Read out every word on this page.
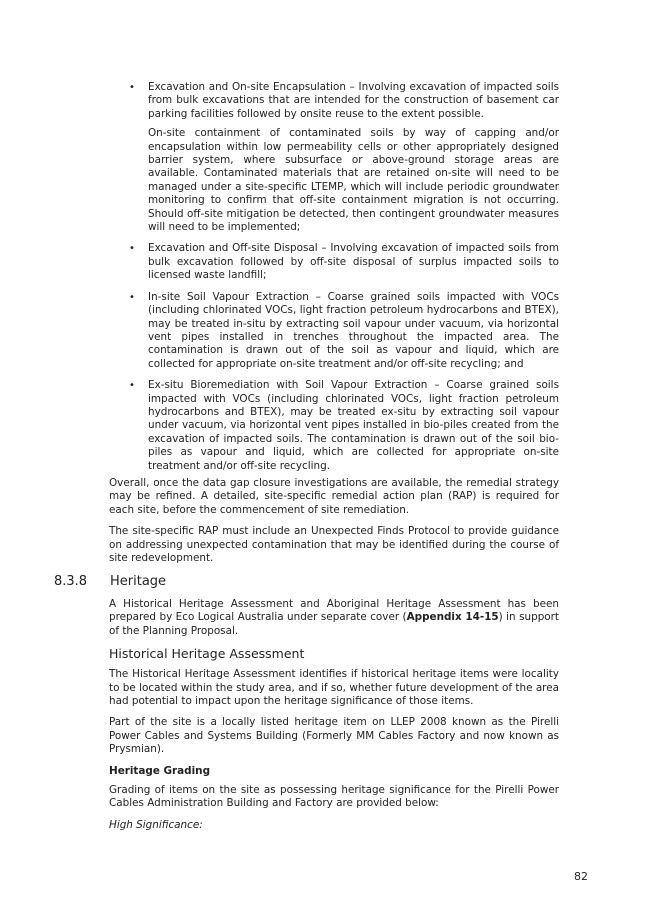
• Excavation and On-site Encapsulation – Involving excavation of impacted soils from bulk excavations that are intended for the construction of basement car parking facilities followed by onsite reuse to the extent possible.

On-site containment of contaminated soils by way of capping and/or encapsulation within low permeability cells or other appropriately designed barrier system, where subsurface or above-ground storage areas are available. Contaminated materials that are retained on-site will need to be managed under a site-specific LTEMP, which will include periodic groundwater monitoring to confirm that off-site containment migration is not occurring. Should off-site mitigation be detected, then contingent groundwater measures will need to be implemented;

• Excavation and Off-site Disposal – Involving excavation of impacted soils from bulk excavation followed by off-site disposal of surplus impacted soils to licensed waste landfill;

• In-site Soil Vapour Extraction – Coarse grained soils impacted with VOCs (including chlorinated VOCs, light fraction petroleum hydrocarbons and BTEX), may be treated in-situ by extracting soil vapour under vacuum, via horizontal vent pipes installed in trenches throughout the impacted area. The contamination is drawn out of the soil as vapour and liquid, which are collected for appropriate on-site treatment and/or off-site recycling; and

• Ex-situ Bioremediation with Soil Vapour Extraction – Coarse grained soils impacted with VOCs (including chlorinated VOCs, light fraction petroleum hydrocarbons and BTEX), may be treated ex-situ by extracting soil vapour under vacuum, via horizontal vent pipes installed in bio-piles created from the excavation of impacted soils. The contamination is drawn out of the soil bio-piles as vapour and liquid, which are collected for appropriate on-site treatment and/or off-site recycling.

Overall, once the data gap closure investigations are available, the remedial strategy may be refined. A detailed, site-specific remedial action plan (RAP) is required for each site, before the commencement of site remediation.

The site-specific RAP must include an Unexpected Finds Protocol to provide guidance on addressing unexpected contamination that may be identified during the course of site redevelopment.

8.3.8 Heritage

A Historical Heritage Assessment and Aboriginal Heritage Assessment has been prepared by Eco Logical Australia under separate cover (Appendix 14-15) in support of the Planning Proposal.

Historical Heritage Assessment

The Historical Heritage Assessment identifies if historical heritage items were locality to be located within the study area, and if so, whether future development of the area had potential to impact upon the heritage significance of those items.

Part of the site is a locally listed heritage item on LLEP 2008 known as the Pirelli Power Cables and Systems Building (Formerly MM Cables Factory and now known as Prysmian).

Heritage Grading

Grading of items on the site as possessing heritage significance for the Pirelli Power Cables Administration Building and Factory are provided below:

High Significance:

82
